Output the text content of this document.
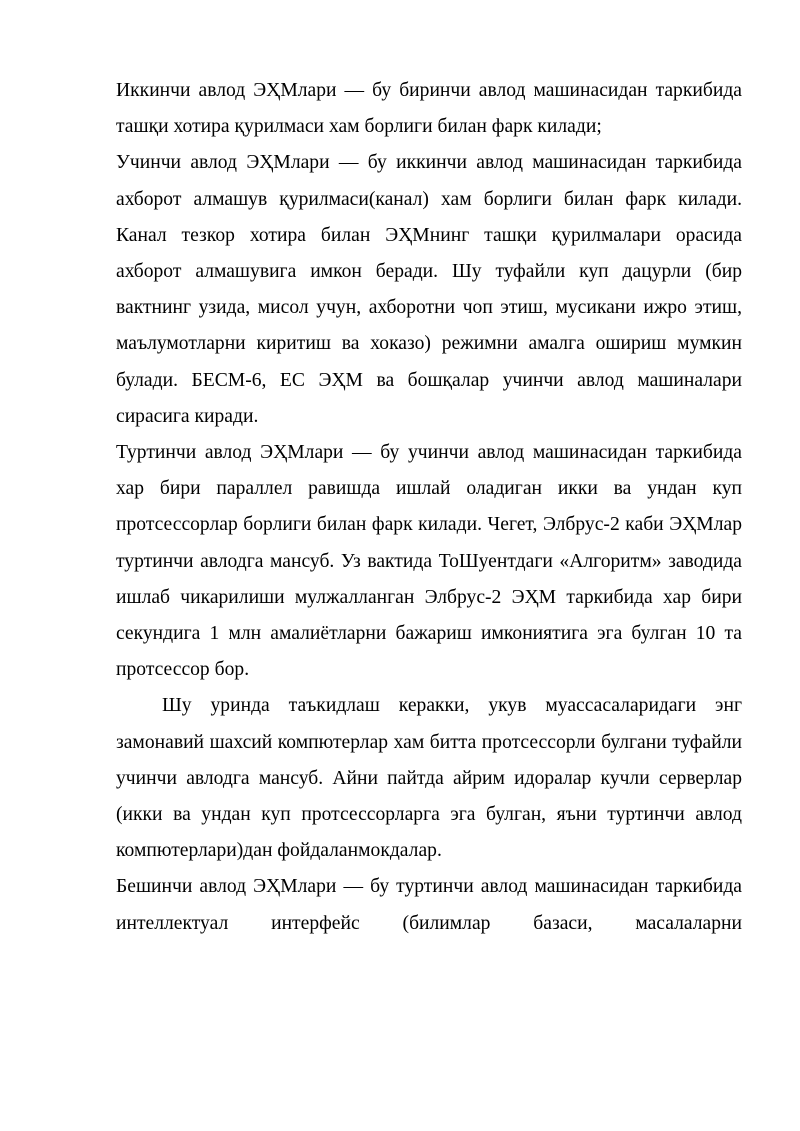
Иккинчи авлод ЭҲМлари — бу биринчи авлод машинасидан таркибида ташқи хотира қурилмаси хам борлиги билан фарк килади;

Учинчи авлод ЭҲМлари — бу иккинчи авлод машинасидан таркибида ахборот алмашув қурилмаси(канал) хам борлиги билан фарк килади. Канал тезкор хотира билан ЭҲМнинг ташқи қурилмалари орасида ахборот алмашувига имкон беради. Шу туфайли куп дацурли (бир вактнинг узида, мисол учун, ахборотни чоп этиш, мусикани ижро этиш, маълумотларни киритиш ва хоказо) режимни амалга ошириш мумкин булади. БЕСМ-6, ЕС ЭҲМ ва бошқалар учинчи авлод машиналари сирасига киради.

Туртинчи авлод ЭҲМлари — бу учинчи авлод машинасидан таркибида хар бири параллел равишда ишлай оладиган икки ва ундан куп протсессорлар борлиги билан фарк килади. Чегет, Элбрус-2 каби ЭҲМлар туртинчи авлодга мансуб. Уз вактида ТоШуентдаги «Алгоритм» заводида ишлаб чикарилиши мулжалланган Элбрус-2 ЭҲМ таркибида хар бири секундига 1 млн амалиётларни бажариш имкониятига эга булган 10 та протсессор бор.

Шу уринда таъкидлаш керакки, укув муассасаларидаги энг замонавий шахсий компютерлар хам битта протсессорли булгани туфайли учинчи авлодга мансуб. Айни пайтда айрим идоралар кучли серверлар (икки ва ундан куп протсессорларга эга булган, яъни туртинчи авлод компютерлари)дан фойдаланмокдалар.

Бешинчи авлод ЭҲМлари — бу туртинчи авлод машинасидан таркибида интеллектуал интерфейс (билимлар базаси, масалаларни
